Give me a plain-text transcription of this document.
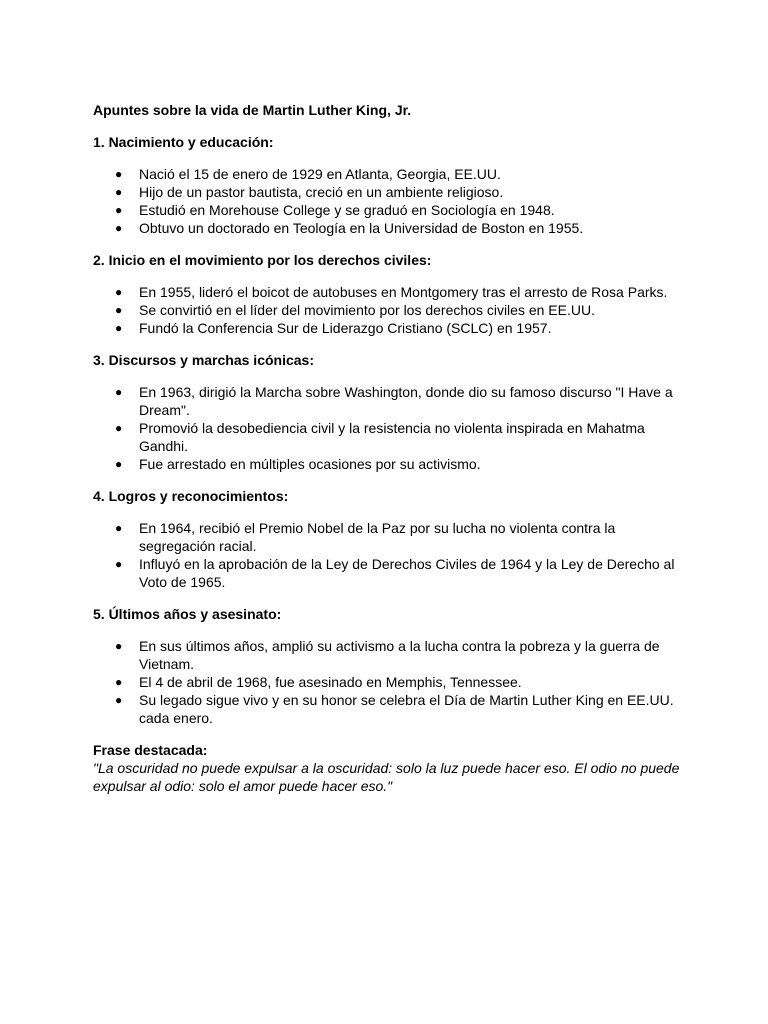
Apuntes sobre la vida de Martin Luther King, Jr.

1. Nacimiento y educación:

● Nació el 15 de enero de 1929 en Atlanta, Georgia, EE.UU.
● Hijo de un pastor bautista, creció en un ambiente religioso.
● Estudió en Morehouse College y se graduó en Sociología en 1948.
● Obtuvo un doctorado en Teología en la Universidad de Boston en 1955.

2. Inicio en el movimiento por los derechos civiles:

● En 1955, lideró el boicot de autobuses en Montgomery tras el arresto de Rosa Parks.
● Se convirtió en el líder del movimiento por los derechos civiles en EE.UU.
● Fundó la Conferencia Sur de Liderazgo Cristiano (SCLC) en 1957.

3. Discursos y marchas icónicas:

● En 1963, dirigió la Marcha sobre Washington, donde dio su famoso discurso "I Have a Dream".
● Promovió la desobediencia civil y la resistencia no violenta inspirada en Mahatma Gandhi.
● Fue arrestado en múltiples ocasiones por su activismo.

4. Logros y reconocimientos:

● En 1964, recibió el Premio Nobel de la Paz por su lucha no violenta contra la segregación racial.
● Influyó en la aprobación de la Ley de Derechos Civiles de 1964 y la Ley de Derecho al Voto de 1965.

5. Últimos años y asesinato:

● En sus últimos años, amplió su activismo a la lucha contra la pobreza y la guerra de Vietnam.
● El 4 de abril de 1968, fue asesinado en Memphis, Tennessee.
● Su legado sigue vivo y en su honor se celebra el Día de Martin Luther King en EE.UU. cada enero.

Frase destacada:

"La oscuridad no puede expulsar a la oscuridad: solo la luz puede hacer eso. El odio no puede expulsar al odio: solo el amor puede hacer eso."
